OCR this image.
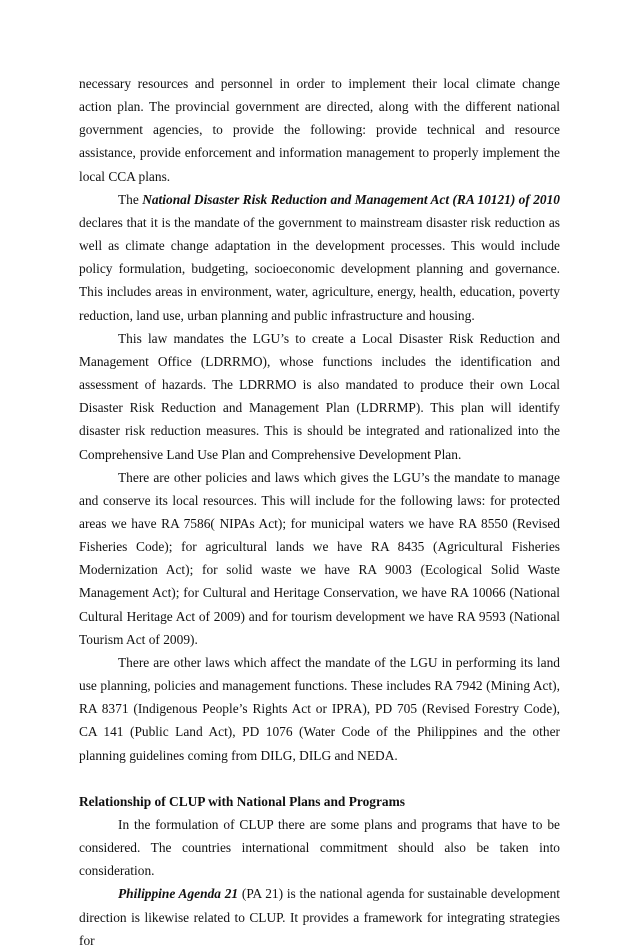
necessary resources and personnel in order to implement their local climate change action plan. The provincial government are directed, along with the different national government agencies, to provide the following: provide technical and resource assistance, provide enforcement and information management to properly implement the local CCA plans.

The National Disaster Risk Reduction and Management Act (RA 10121) of 2010 declares that it is the mandate of the government to mainstream disaster risk reduction as well as climate change adaptation in the development processes. This would include policy formulation, budgeting, socioeconomic development planning and governance. This includes areas in environment, water, agriculture, energy, health, education, poverty reduction, land use, urban planning and public infrastructure and housing.

This law mandates the LGU’s to create a Local Disaster Risk Reduction and Management Office (LDRRMO), whose functions includes the identification and assessment of hazards. The LDRRMO is also mandated to produce their own Local Disaster Risk Reduction and Management Plan (LDRRMP). This plan will identify disaster risk reduction measures. This is should be integrated and rationalized into the Comprehensive Land Use Plan and Comprehensive Development Plan.

There are other policies and laws which gives the LGU’s the mandate to manage and conserve its local resources. This will include for the following laws: for protected areas we have RA 7586( NIPAs Act); for municipal waters we have RA 8550 (Revised Fisheries Code); for agricultural lands we have RA 8435 (Agricultural Fisheries Modernization Act); for solid waste we have RA 9003 (Ecological Solid Waste Management Act); for Cultural and Heritage Conservation, we have RA 10066 (National Cultural Heritage Act of 2009) and for tourism development we have RA 9593 (National Tourism Act of 2009).

There are other laws which affect the mandate of the LGU in performing its land use planning, policies and management functions. These includes RA 7942 (Mining Act), RA 8371 (Indigenous People’s Rights Act or IPRA), PD 705 (Revised Forestry Code), CA 141 (Public Land Act), PD 1076 (Water Code of the Philippines and the other planning guidelines coming from DILG, DILG and NEDA.

Relationship of CLUP with National Plans and Programs

In the formulation of CLUP there are some plans and programs that have to be considered. The countries international commitment should also be taken into consideration.

Philippine Agenda 21 (PA 21) is the national agenda for sustainable development direction is likewise related to CLUP. It provides a framework for integrating strategies for
